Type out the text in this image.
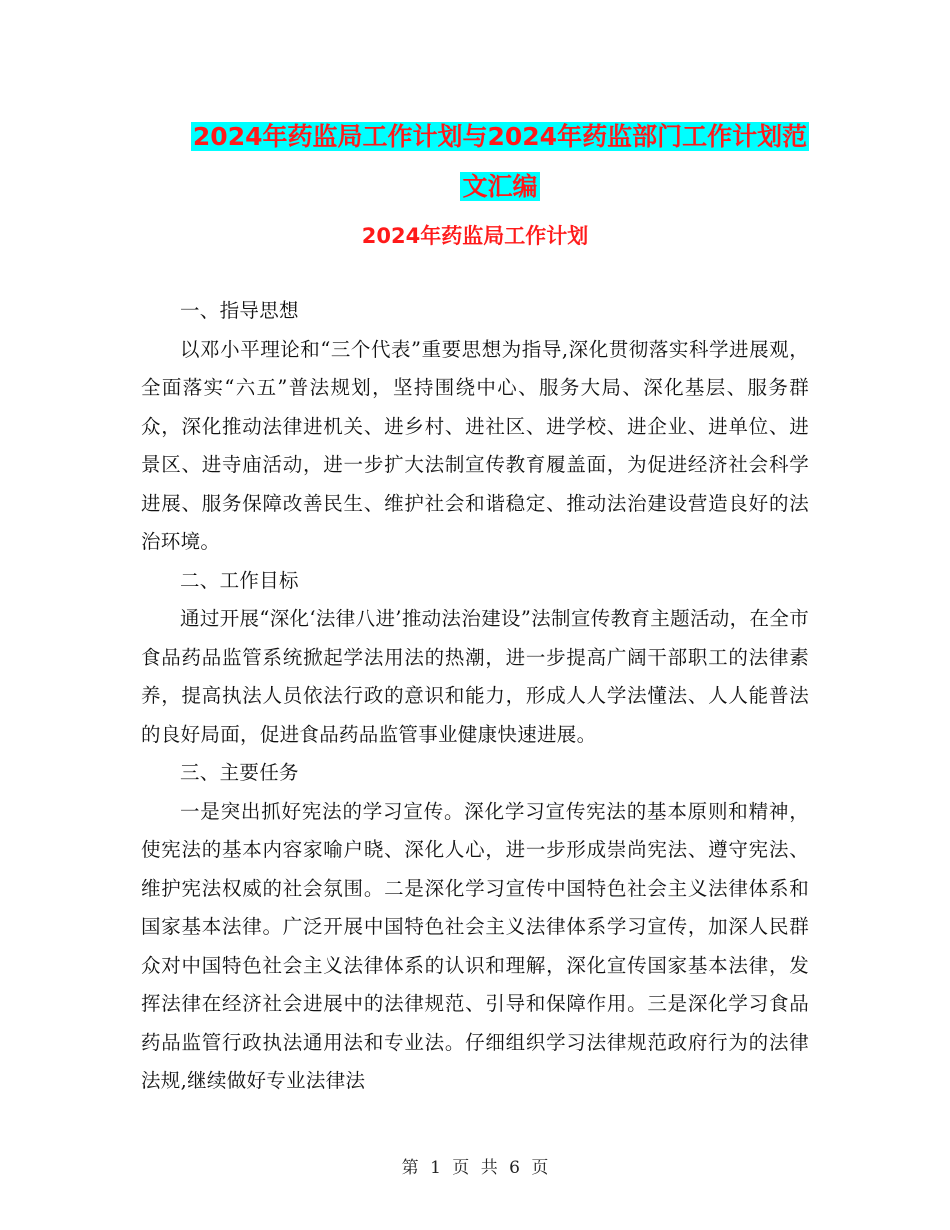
2024年药监局工作计划与2024年药监部门工作计划范
文汇编
2024年药监局工作计划

一、指导思想

以邓小平理论和“三个代表”重要思想为指导,深化贯彻落实科学进展观，全面落实“六五”普法规划，坚持围绕中心、服务大局、深化基层、服务群众，深化推动法律进机关、进乡村、进社区、进学校、进企业、进单位、进景区、进寺庙活动，进一步扩大法制宣传教育履盖面，为促进经济社会科学进展、服务保障改善民生、维护社会和谐稳定、推动法治建设营造良好的法治环境。

二、工作目标

通过开展“深化‘法律八进’推动法治建设”法制宣传教育主题活动，在全市食品药品监管系统掀起学法用法的热潮，进一步提高广阔干部职工的法律素养，提高执法人员依法行政的意识和能力，形成人人学法懂法、人人能普法的良好局面，促进食品药品监管事业健康快速进展。

三、主要任务

一是突出抓好宪法的学习宣传。深化学习宣传宪法的基本原则和精神，使宪法的基本内容家喻户晓、深化人心，进一步形成崇尚宪法、遵守宪法、维护宪法权威的社会氛围。二是深化学习宣传中国特色社会主义法律体系和国家基本法律。广泛开展中国特色社会主义法律体系学习宣传，加深人民群众对中国特色社会主义法律体系的认识和理解，深化宣传国家基本法律，发挥法律在经济社会进展中的法律规范、引导和保障作用。三是深化学习食品药品监管行政执法通用法和专业法。仔细组织学习法律规范政府行为的法律法规,继续做好专业法律法

第 1 页 共 6 页
